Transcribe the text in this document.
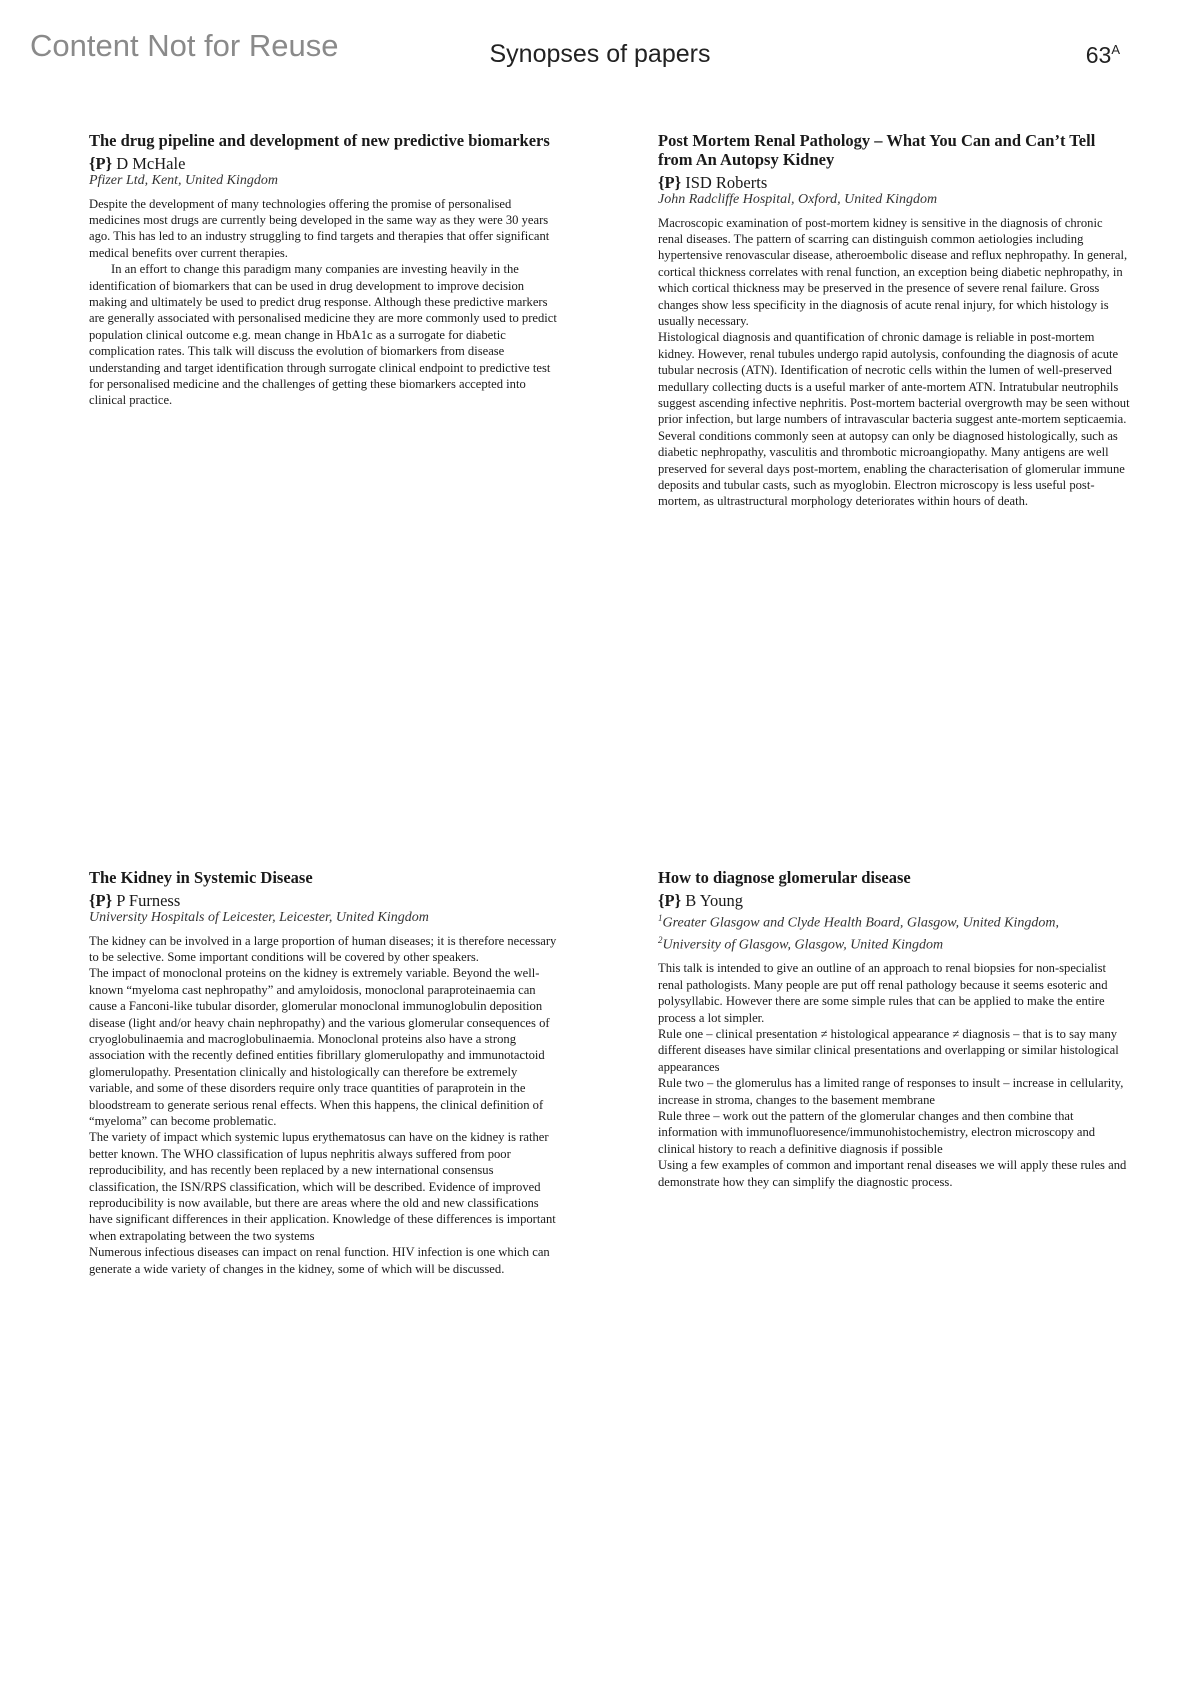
Content Not for Reuse	Synopses of papers	$63^A$
The drug pipeline and development of new predictive biomarkers
{P} D McHale
Pfizer Ltd, Kent, United Kingdom

Despite the development of many technologies offering the promise of personalised medicines most drugs are currently being developed in the same way as they were 30 years ago. This has led to an industry struggling to find targets and therapies that offer significant medical benefits over current therapies.

In an effort to change this paradigm many companies are investing heavily in the identification of biomarkers that can be used in drug development to improve decision making and ultimately be used to predict drug response. Although these predictive markers are generally associated with personalised medicine they are more commonly used to predict population clinical outcome e.g. mean change in HbA1c as a surrogate for diabetic complication rates. This talk will discuss the evolution of biomarkers from disease understanding and target identification through surrogate clinical endpoint to predictive test for personalised medicine and the challenges of getting these biomarkers accepted into clinical practice.

Post Mortem Renal Pathology – What You Can and Can’t Tell from An Autopsy Kidney
{P} ISD Roberts
John Radcliffe Hospital, Oxford, United Kingdom

Macroscopic examination of post-mortem kidney is sensitive in the diagnosis of chronic renal diseases. The pattern of scarring can distinguish common aetiologies including hypertensive renovascular disease, atheroembolic disease and reflux nephropathy. In general, cortical thickness correlates with renal function, an exception being diabetic nephropathy, in which cortical thickness may be preserved in the presence of severe renal failure. Gross changes show less specificity in the diagnosis of acute renal injury, for which histology is usually necessary.

Histological diagnosis and quantification of chronic damage is reliable in post-mortem kidney. However, renal tubules undergo rapid autolysis, confounding the diagnosis of acute tubular necrosis (ATN). Identification of necrotic cells within the lumen of well-preserved medullary collecting ducts is a useful marker of ante-mortem ATN. Intratubular neutrophils suggest ascending infective nephritis. Post-mortem bacterial overgrowth may be seen without prior infection, but large numbers of intravascular bacteria suggest ante-mortem septicaemia.

Several conditions commonly seen at autopsy can only be diagnosed histologically, such as diabetic nephropathy, vasculitis and thrombotic microangiopathy. Many antigens are well preserved for several days post-mortem, enabling the characterisation of glomerular immune deposits and tubular casts, such as myoglobin. Electron microscopy is less useful post-mortem, as ultrastructural morphology deteriorates within hours of death.

The Kidney in Systemic Disease
{P} P Furness
University Hospitals of Leicester, Leicester, United Kingdom

The kidney can be involved in a large proportion of human diseases; it is therefore necessary to be selective. Some important conditions will be covered by other speakers.

The impact of monoclonal proteins on the kidney is extremely variable. Beyond the well-known “myeloma cast nephropathy” and amyloidosis, monoclonal paraproteinaemia can cause a Fanconi-like tubular disorder, glomerular monoclonal immunoglobulin deposition disease (light and/or heavy chain nephropathy) and the various glomerular consequences of cryoglobulinaemia and macroglobulinaemia. Monoclonal proteins also have a strong association with the recently defined entities fibrillary glomerulopathy and immunotactoid glomerulopathy. Presentation clinically and histologically can therefore be extremely variable, and some of these disorders require only trace quantities of paraprotein in the bloodstream to generate serious renal effects. When this happens, the clinical definition of “myeloma” can become problematic.

The variety of impact which systemic lupus erythematosus can have on the kidney is rather better known. The WHO classification of lupus nephritis always suffered from poor reproducibility, and has recently been replaced by a new international consensus classification, the ISN/RPS classification, which will be described. Evidence of improved reproducibility is now available, but there are areas where the old and new classifications have significant differences in their application. Knowledge of these differences is important when extrapolating between the two systems

Numerous infectious diseases can impact on renal function. HIV infection is one which can generate a wide variety of changes in the kidney, some of which will be discussed.

How to diagnose glomerular disease
{P} B Young
$^1$Greater Glasgow and Clyde Health Board, Glasgow, United Kingdom,
$^2$University of Glasgow, Glasgow, United Kingdom

This talk is intended to give an outline of an approach to renal biopsies for non-specialist renal pathologists. Many people are put off renal pathology because it seems esoteric and polysyllabic. However there are some simple rules that can be applied to make the entire process a lot simpler.

Rule one – clinical presentation ≠ histological appearance ≠ diagnosis – that is to say many different diseases have similar clinical presentations and overlapping or similar histological appearances

Rule two – the glomerulus has a limited range of responses to insult – increase in cellularity, increase in stroma, changes to the basement membrane

Rule three – work out the pattern of the glomerular changes and then combine that information with immunofluoresence/immunohistochemistry, electron microscopy and clinical history to reach a definitive diagnosis if possible

Using a few examples of common and important renal diseases we will apply these rules and demonstrate how they can simplify the diagnostic process.
